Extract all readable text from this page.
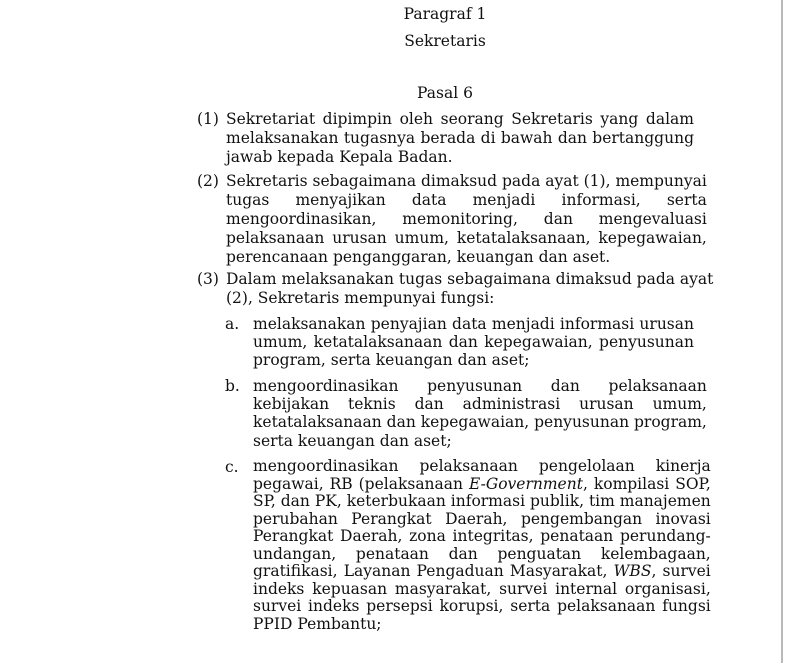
Paragraf 1
Sekretaris
Pasal 6
(1) Sekretariat dipimpin oleh seorang Sekretaris yang dalam
melaksanakan tugasnya berada di bawah dan bertanggung
jawab kepada Kepala Badan.
(2) Sekretaris sebagaimana dimaksud pada ayat (1), mempunyai
tugas menyajikan data menjadi informasi, serta
mengoordinasikan, memonitoring, dan mengevaluasi
pelaksanaan urusan umum, ketatalaksanaan, kepegawaian,
perencanaan penganggaran, keuangan dan aset.
(3) Dalam melaksanakan tugas sebagaimana dimaksud pada ayat
(2), Sekretaris mempunyai fungsi:
a. melaksanakan penyajian data menjadi informasi urusan
umum, ketatalaksanaan dan kepegawaian, penyusunan
program, serta keuangan dan aset;
b. mengoordinasikan penyusunan dan pelaksanaan
kebijakan teknis dan administrasi urusan umum,
ketatalaksanaan dan kepegawaian, penyusunan program,
serta keuangan dan aset;
c. mengoordinasikan pelaksanaan pengelolaan kinerja
pegawai, RB (pelaksanaan E-Government, kompilasi SOP,
SP, dan PK, keterbukaan informasi publik, tim manajemen
perubahan Perangkat Daerah, pengembangan inovasi
Perangkat Daerah, zona integritas, penataan perundang-
undangan, penataan dan penguatan kelembagaan,
gratifikasi, Layanan Pengaduan Masyarakat, WBS, survei
indeks kepuasan masyarakat, survei internal organisasi,
survei indeks persepsi korupsi, serta pelaksanaan fungsi
PPID Pembantu;
